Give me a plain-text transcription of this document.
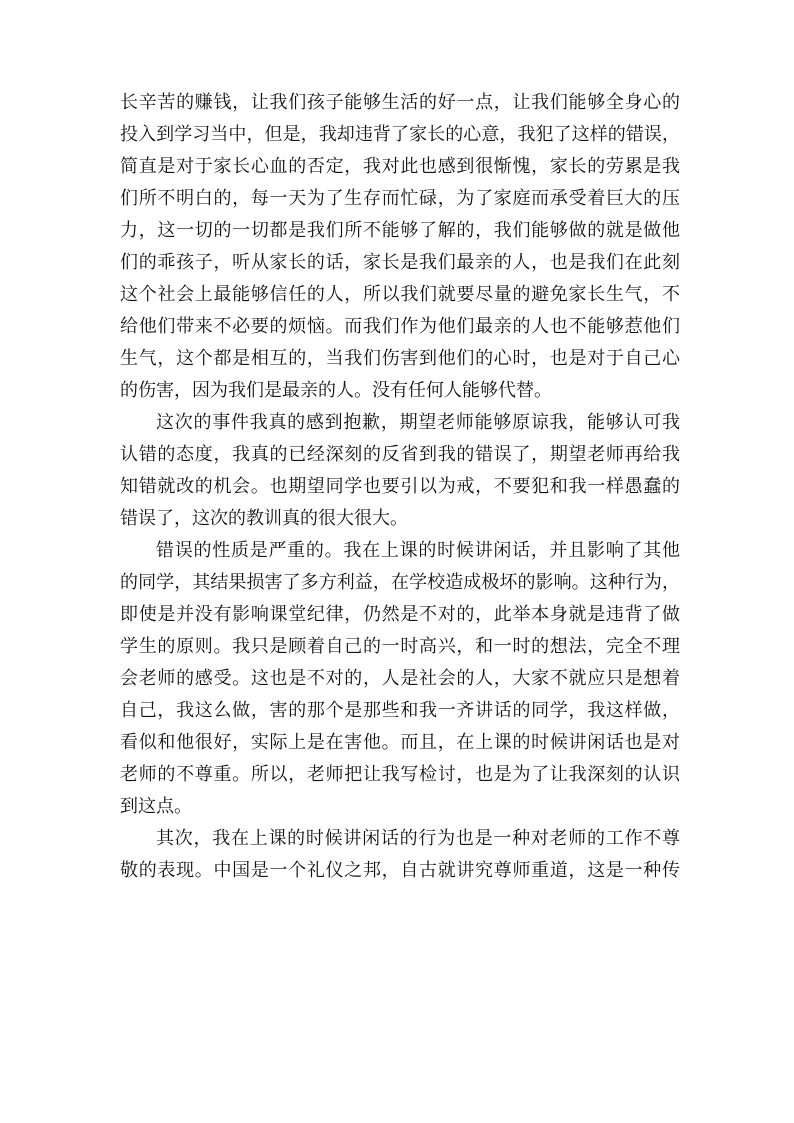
长辛苦的赚钱，让我们孩子能够生活的好一点，让我们能够全身心的
投入到学习当中，但是，我却违背了家长的心意，我犯了这样的错误，
简直是对于家长心血的否定，我对此也感到很惭愧，家长的劳累是我
们所不明白的，每一天为了生存而忙碌，为了家庭而承受着巨大的压
力，这一切的一切都是我们所不能够了解的，我们能够做的就是做他
们的乖孩子，听从家长的话，家长是我们最亲的人，也是我们在此刻
这个社会上最能够信任的人，所以我们就要尽量的避免家长生气，不
给他们带来不必要的烦恼。而我们作为他们最亲的人也不能够惹他们
生气，这个都是相互的，当我们伤害到他们的心时，也是对于自己心
的伤害，因为我们是最亲的人。没有任何人能够代替。
这次的事件我真的感到抱歉，期望老师能够原谅我，能够认可我
认错的态度，我真的已经深刻的反省到我的错误了，期望老师再给我
知错就改的机会。也期望同学也要引以为戒，不要犯和我一样愚蠢的
错误了，这次的教训真的很大很大。
错误的性质是严重的。我在上课的时候讲闲话，并且影响了其他
的同学，其结果损害了多方利益，在学校造成极坏的影响。这种行为，
即使是并没有影响课堂纪律，仍然是不对的，此举本身就是违背了做
学生的原则。我只是顾着自己的一时高兴，和一时的想法，完全不理
会老师的感受。这也是不对的，人是社会的人，大家不就应只是想着
自己，我这么做，害的那个是那些和我一齐讲话的同学，我这样做，
看似和他很好，实际上是在害他。而且，在上课的时候讲闲话也是对
老师的不尊重。所以，老师把让我写检讨，也是为了让我深刻的认识
到这点。
其次，我在上课的时候讲闲话的行为也是一种对老师的工作不尊
敬的表现。中国是一个礼仪之邦，自古就讲究尊师重道，这是一种传
